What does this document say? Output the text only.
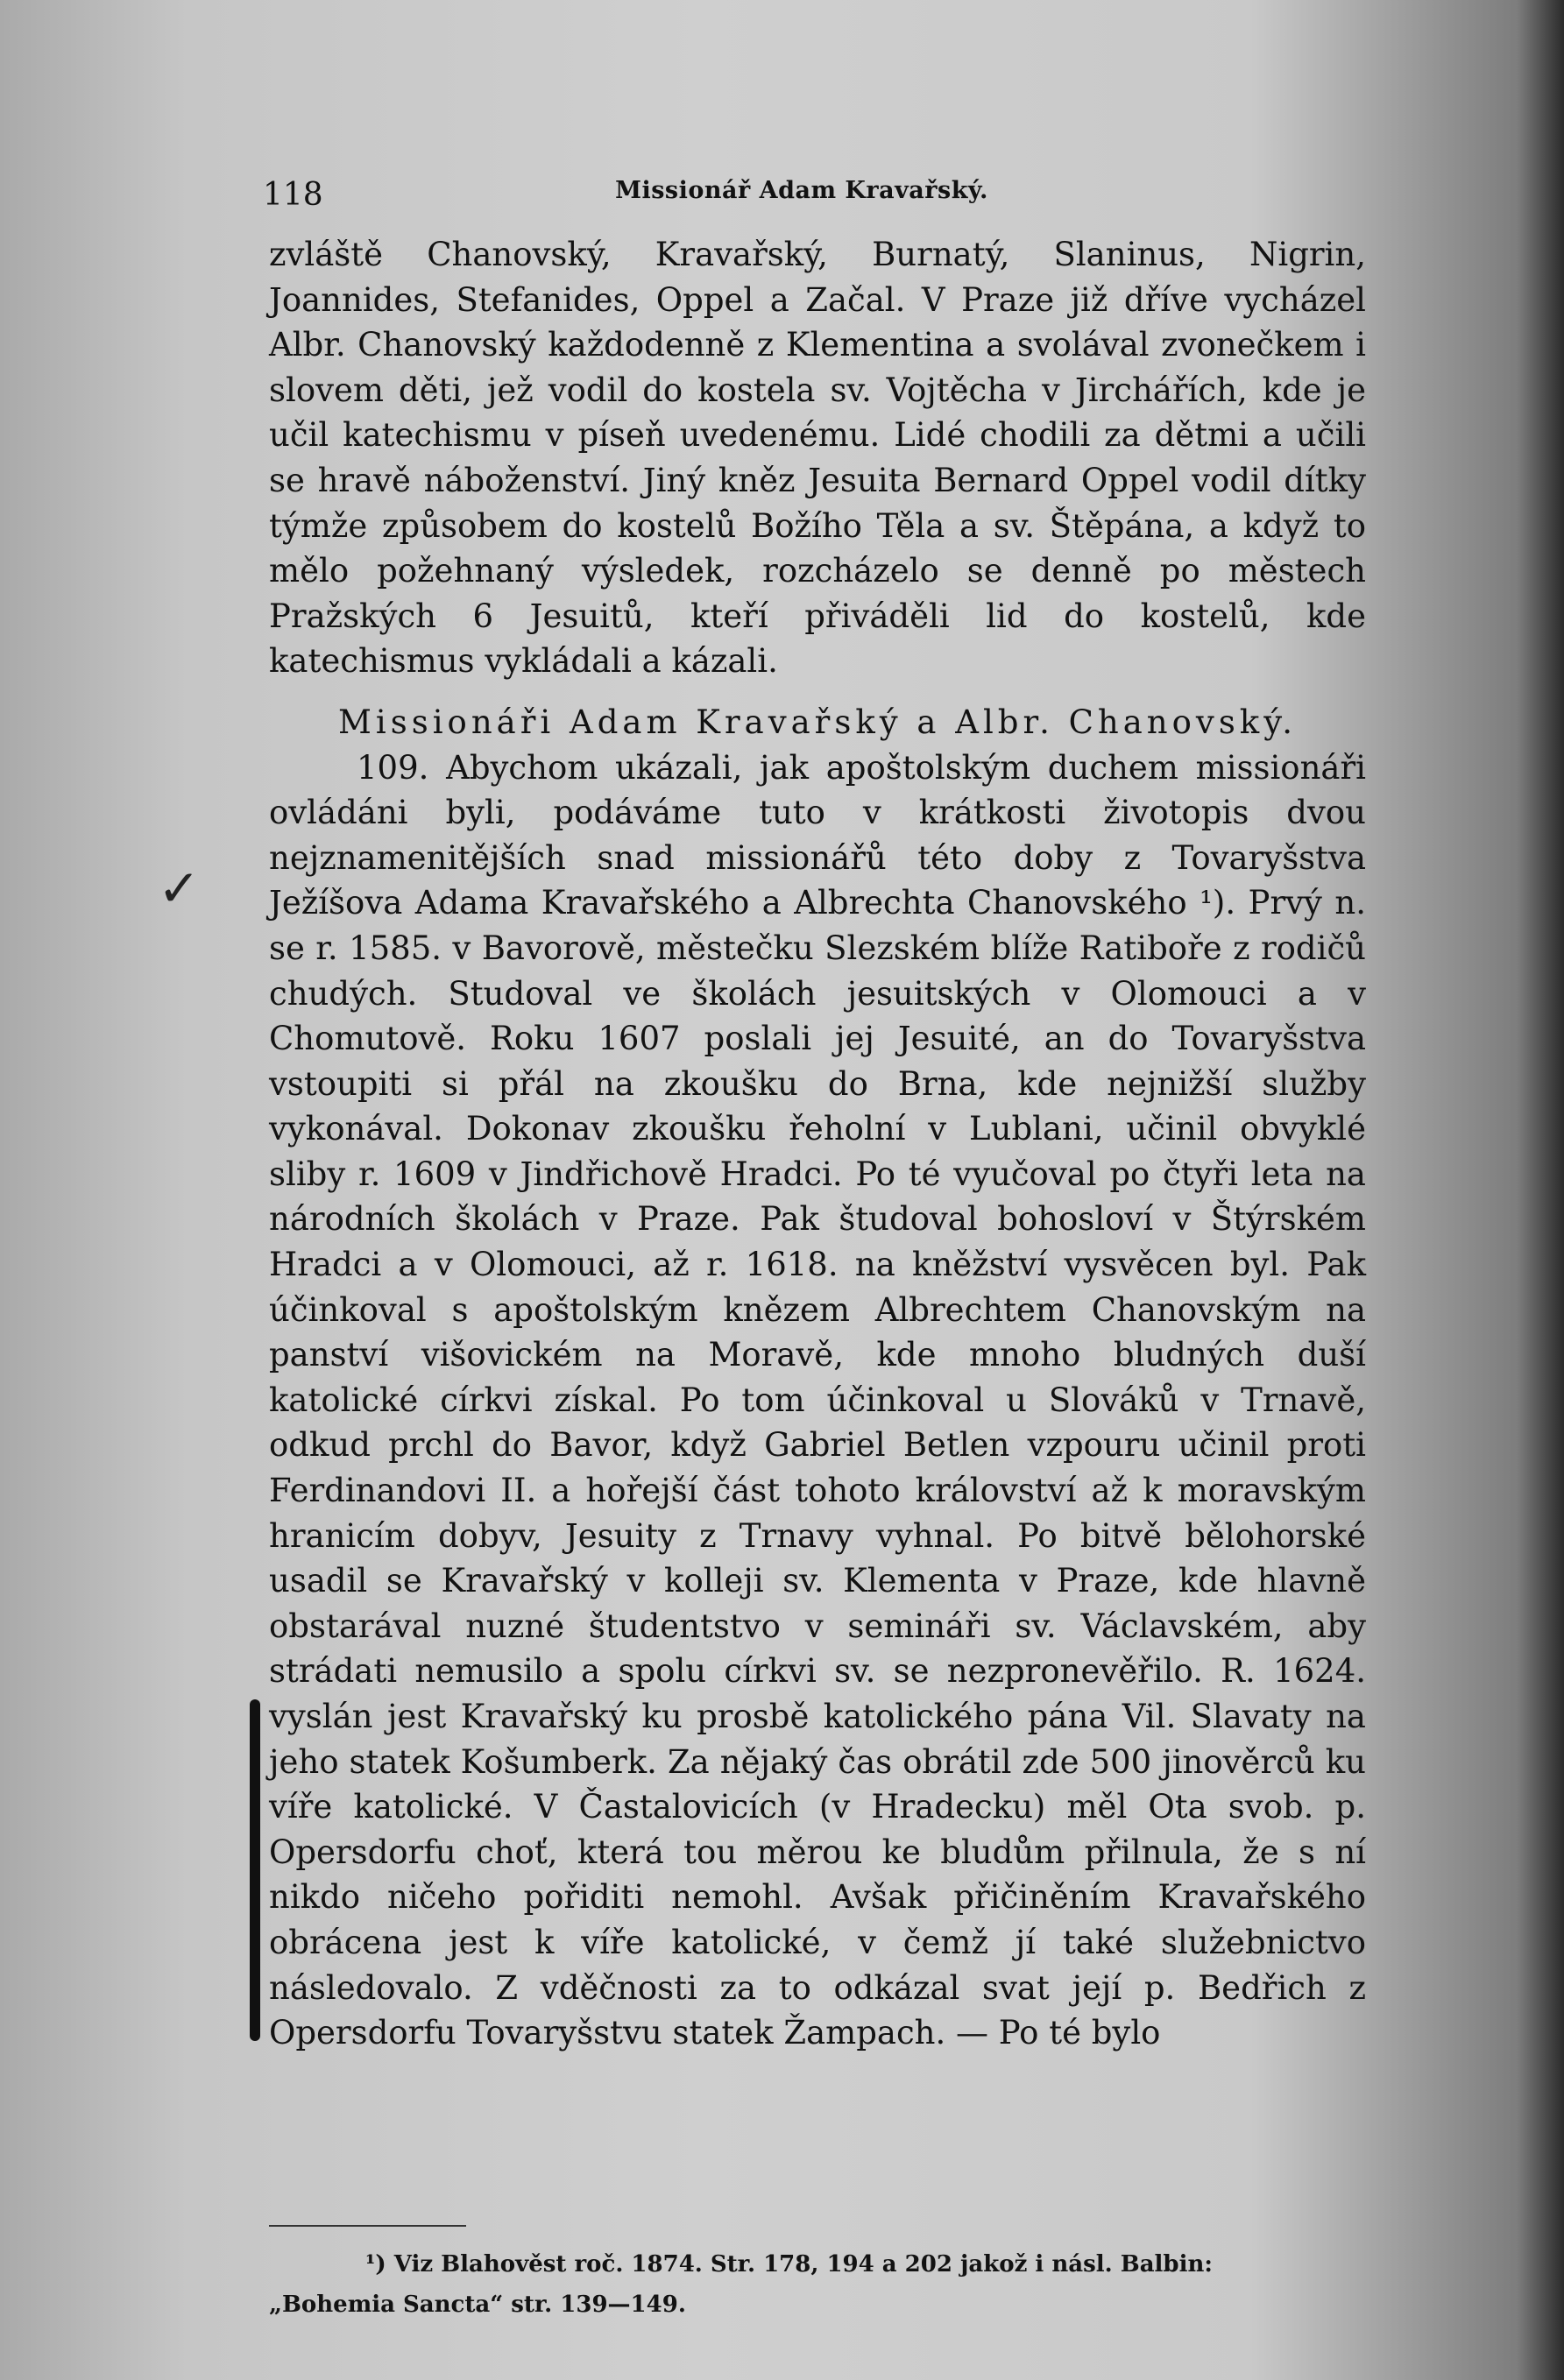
✓
118	Missionář Adam Kravařský.

zvláště Chanovský, Kravařský, Burnatý, Slaninus, Nigrin, Joannides, Stefanides, Oppel a Začal. V Praze již dříve vycházel Albr. Chanovský každodenně z Klementina a svolával zvonečkem i slovem děti, jež vodil do kostela sv. Vojtěcha v Jirchářích, kde je učil katechismu v píseň uvedenému. Lidé chodili za dětmi a učili se hravě náboženství. Jiný kněz Jesuita Bernard Oppel vodil dítky týmže způsobem do kostelů Božího Těla a sv. Štěpána, a když to mělo požehnaný výsledek, rozcházelo se denně po městech Pražských 6 Jesuitů, kteří přiváděli lid do kostelů, kde katechismus vykládali a kázali.

Missionáři Adam Kravařský a Albr. Chanovský.

109. Abychom ukázali, jak apoštolským duchem missionáři ovládáni byli, podáváme tuto v krátkosti životopis dvou nejznamenitějších snad missionářů této doby z Tovaryšstva Ježíšova Adama Kravařského a Albrechta Chanovského ¹). Prvý n. se r. 1585. v Bavorově, městečku Slezském blíže Ratiboře z rodičů chudých. Studoval ve školách jesuitských v Olomouci a v Chomutově. Roku 1607 poslali jej Jesuité, an do Tovaryšstva vstoupiti si přál na zkoušku do Brna, kde nejnižší služby vykonával. Dokonav zkoušku řeholní v Lublani, učinil obvyklé sliby r. 1609 v Jindřichově Hradci. Po té vyučoval po čtyři leta na národních školách v Praze. Pak študoval bohosloví v Štýrském Hradci a v Olomouci, až r. 1618. na kněžství vysvěcen byl. Pak účinkoval s apoštolským knězem Albrechtem Chanovským na panství višovickém na Moravě, kde mnoho bludných duší katolické církvi získal. Po tom účinkoval u Slováků v Trnavě, odkud prchl do Bavor, když Gabriel Betlen vzpouru učinil proti Ferdinandovi II. a hořejší část tohoto království až k moravským hranicím dobyv, Jesuity z Trnavy vyhnal. Po bitvě bělohorské usadil se Kravařský v kolleji sv. Klementa v Praze, kde hlavně obstarával nuzné študentstvo v semináři sv. Václavském, aby strádati nemusilo a spolu církvi sv. se nezpronevěřilo. R. 1624. vyslán jest Kravařský ku prosbě katolického pána Vil. Slavaty na jeho statek Košumberk. Za nějaký čas obrátil zde 500 jinověrců ku víře katolické. V Častalovicích (v Hradecku) měl Ota svob. p. Opersdorfu choť, která tou měrou ke bludům přilnula, že s ní nikdo ničeho pořiditi nemohl. Avšak přičiněním Kravařského obrácena jest k víře katolické, v čemž jí také služebnictvo následovalo. Z vděčnosti za to odkázal svat její p. Bedřich z Opersdorfu Tovaryšstvu statek Žampach. — Po té bylo

¹) Viz Blahověst roč. 1874. Str. 178, 194 a 202 jakož i násl. Balbin:
„Bohemia Sancta“ str. 139—149.
